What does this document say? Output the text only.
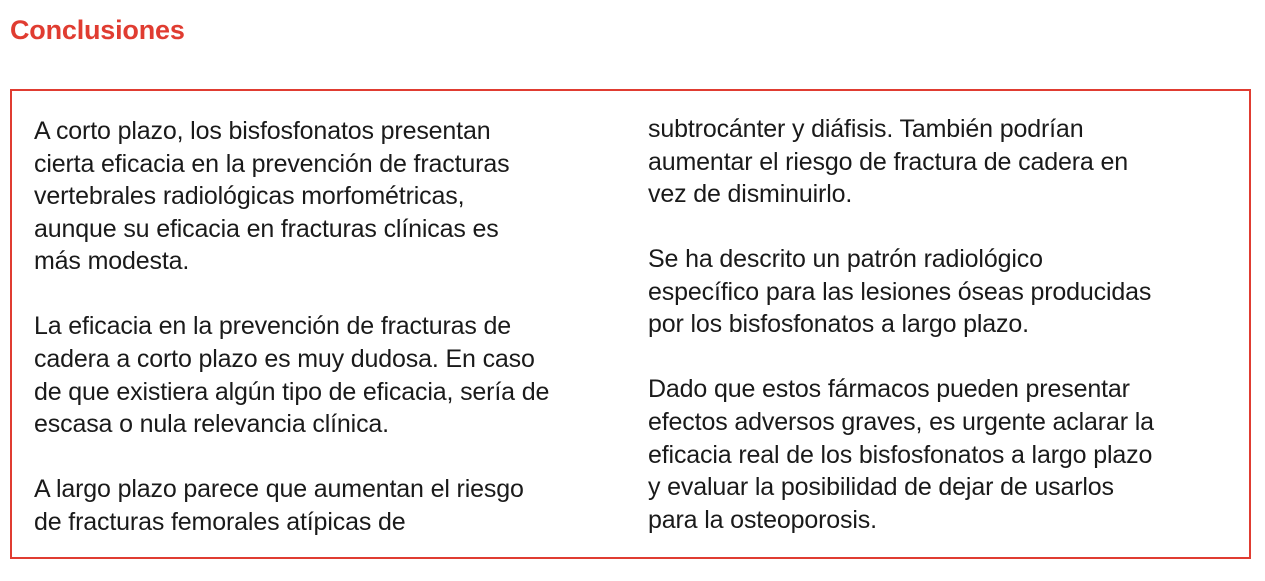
Conclusiones

A corto plazo, los bisfosfonatos presentan
cierta eficacia en la prevención de fracturas
vertebrales radiológicas morfométricas,
aunque su eficacia en fracturas clínicas es
más modesta.

La eficacia en la prevención de fracturas de
cadera a corto plazo es muy dudosa. En caso
de que existiera algún tipo de eficacia, sería de
escasa o nula relevancia clínica.

A largo plazo parece que aumentan el riesgo
de fracturas femorales atípicas de

subtrocánter y diáfisis. También podrían
aumentar el riesgo de fractura de cadera en
vez de disminuirlo.

Se ha descrito un patrón radiológico
específico para las lesiones óseas producidas
por los bisfosfonatos a largo plazo.

Dado que estos fármacos pueden presentar
efectos adversos graves, es urgente aclarar la
eficacia real de los bisfosfonatos a largo plazo
y evaluar la posibilidad de dejar de usarlos
para la osteoporosis.
